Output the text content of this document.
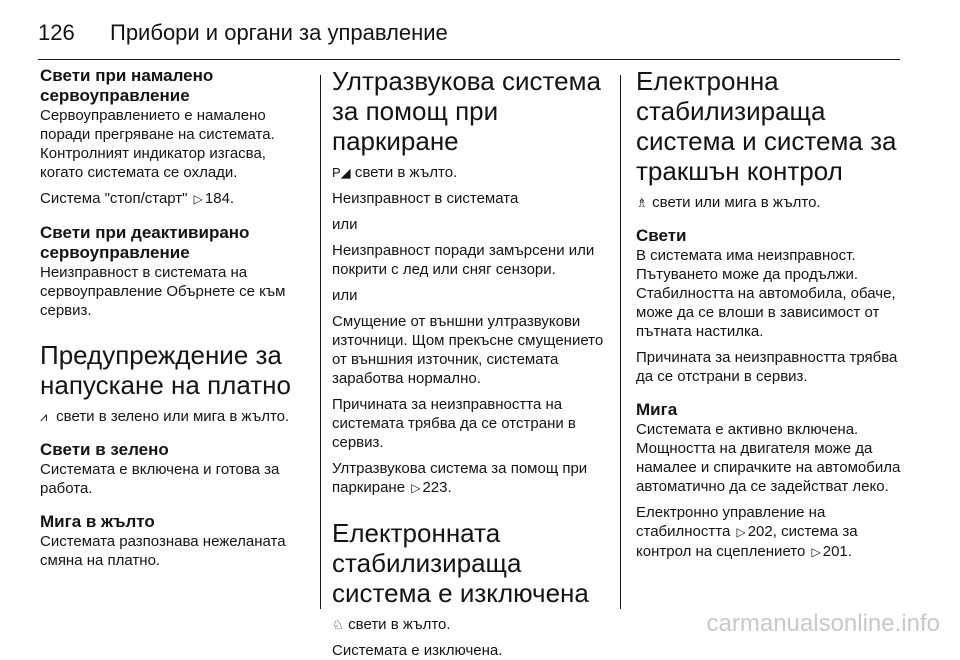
126	Прибори и органи за управление
Свети при намалено сервоуправление

Сервоуправлението е намалено поради прегряване на системата. Контролният индикатор изгасва, когато системата се охлади.

Система "стоп/старт" ▷ 184.

Свети при деактивирано сервоуправление

Неизправност в системата на сервоуправление Обърнете се към сервиз.

Предупреждение за напускане на платно

⩘ свети в зелено или мига в жълто.

Свети в зелено

Системата е включена и готова за работа.

Мига в жълто

Системата разпознава нежеланата смяна на платно.

Ултразвукова система за помощ при паркиране

P◢ свети в жълто.

Неизправност в системата

или

Неизправност поради замърсени или покрити с лед или сняг сензори.

или

Смущение от външни ултразвукови източници. Щом прекъсне смущението от външния източник, системата заработва нормално.

Причината за неизправността на системата трябва да се отстрани в сервиз.

Ултразвукова система за помощ при паркиране ▷ 223.

Електронната стабилизираща система е изключена

♘ свети в жълто.

Системата е изключена.

Електронна стабилизираща система и система за тракшън контрол

♗ свети или мига в жълто.

Свети

В системата има неизправност. Пътуването може да продължи. Стабилността на автомобила, обаче, може да се влоши в зависимост от пътната настилка.

Причината за неизправността трябва да се отстрани в сервиз.

Мига

Системата е активно включена. Мощността на двигателя може да намалее и спирачките на автомобила автоматично да се задействат леко.

Електронно управление на стабилността ▷ 202, система за контрол на сцеплението ▷ 201.

carmanualsonline.info
